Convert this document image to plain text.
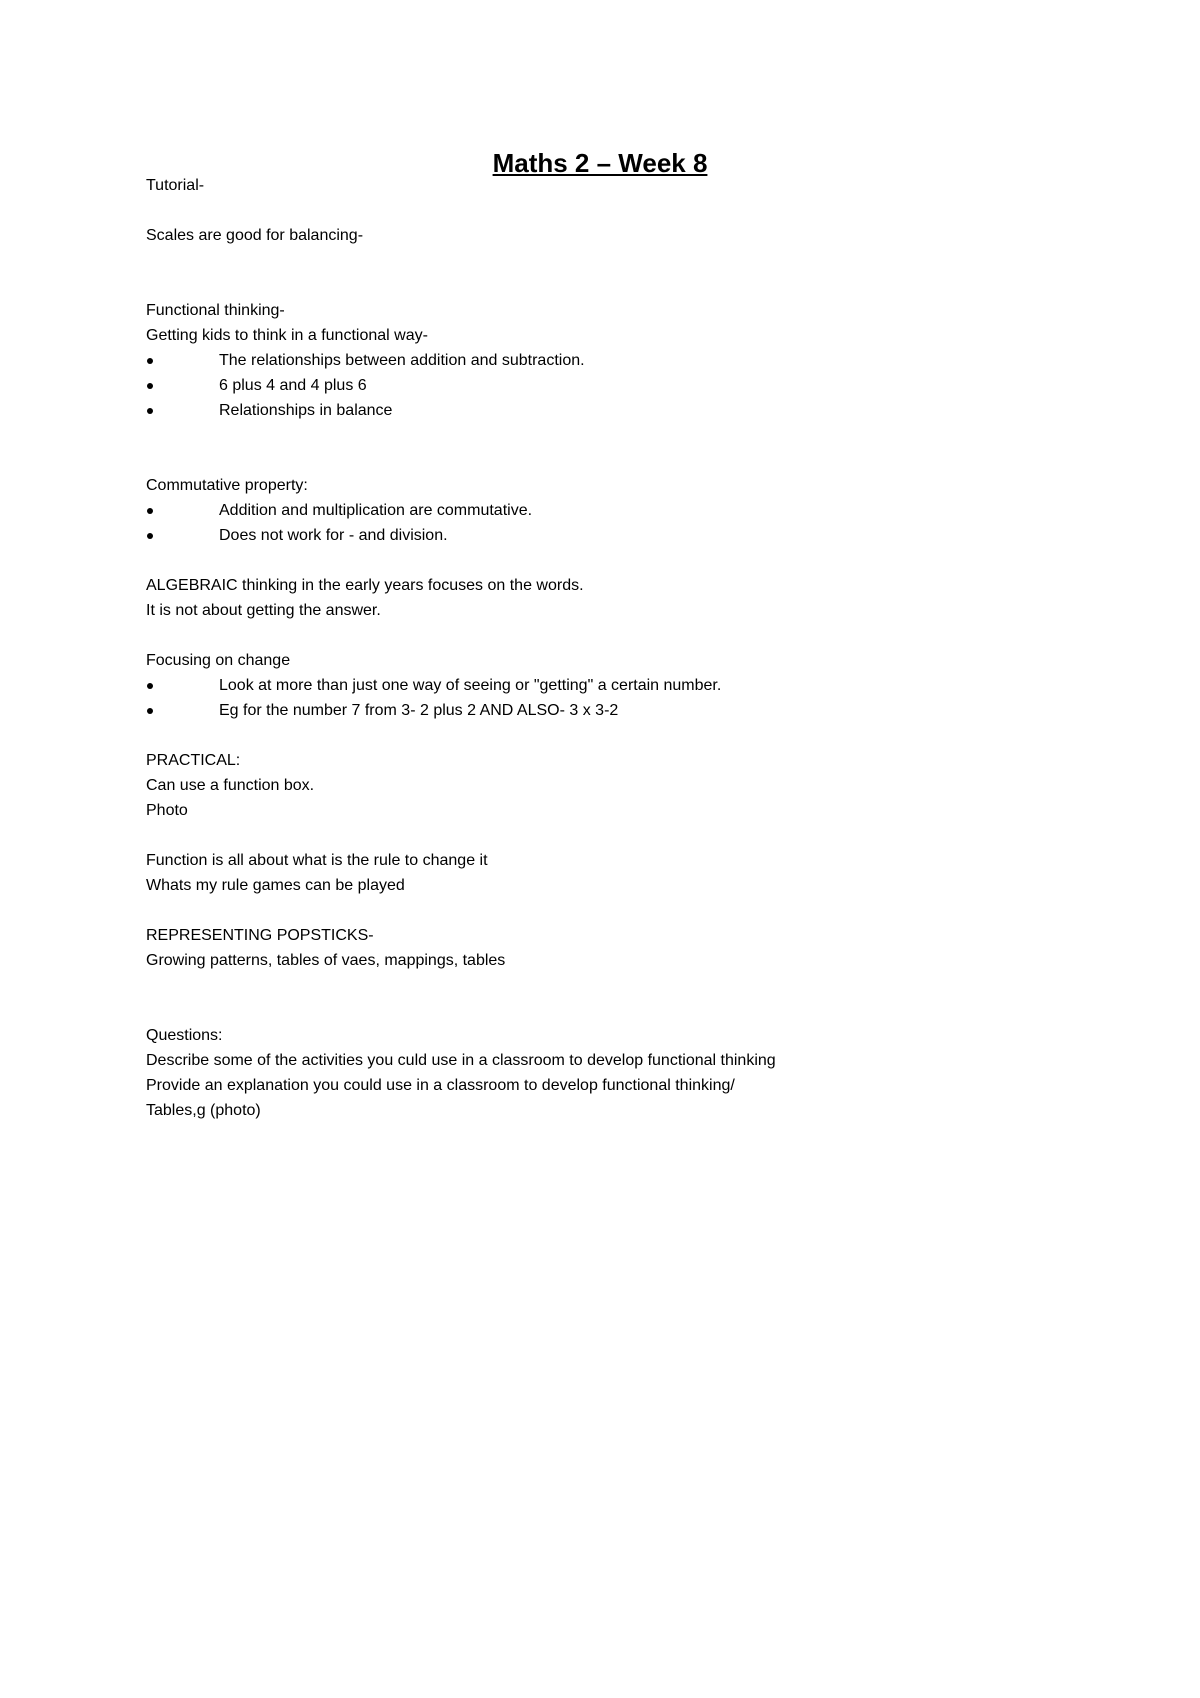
Maths 2 – Week 8
Tutorial-
Scales are good for balancing-
Functional thinking-
Getting kids to think in a functional way-
The relationships between addition and subtraction.
6 plus 4 and 4 plus 6
Relationships in balance
Commutative property:
Addition and multiplication are commutative.
Does not work for - and division.
ALGEBRAIC thinking in the early years focuses on the words.
It is not about getting the answer.
Focusing on change
Look at more than just one way of seeing or "getting" a certain number.
Eg for the number 7 from 3- 2 plus 2 AND ALSO- 3 x 3-2
PRACTICAL:
Can use a function box.
Photo
Function is all about what is the rule to change it
Whats my rule games can be played
REPRESENTING POPSTICKS-
Growing patterns, tables of vaes, mappings, tables
Questions:
Describe some of the activities you culd use in a classroom to develop functional thinking
Provide an explanation you could use in a classroom to develop functional thinking/
Tables,g (photo)
